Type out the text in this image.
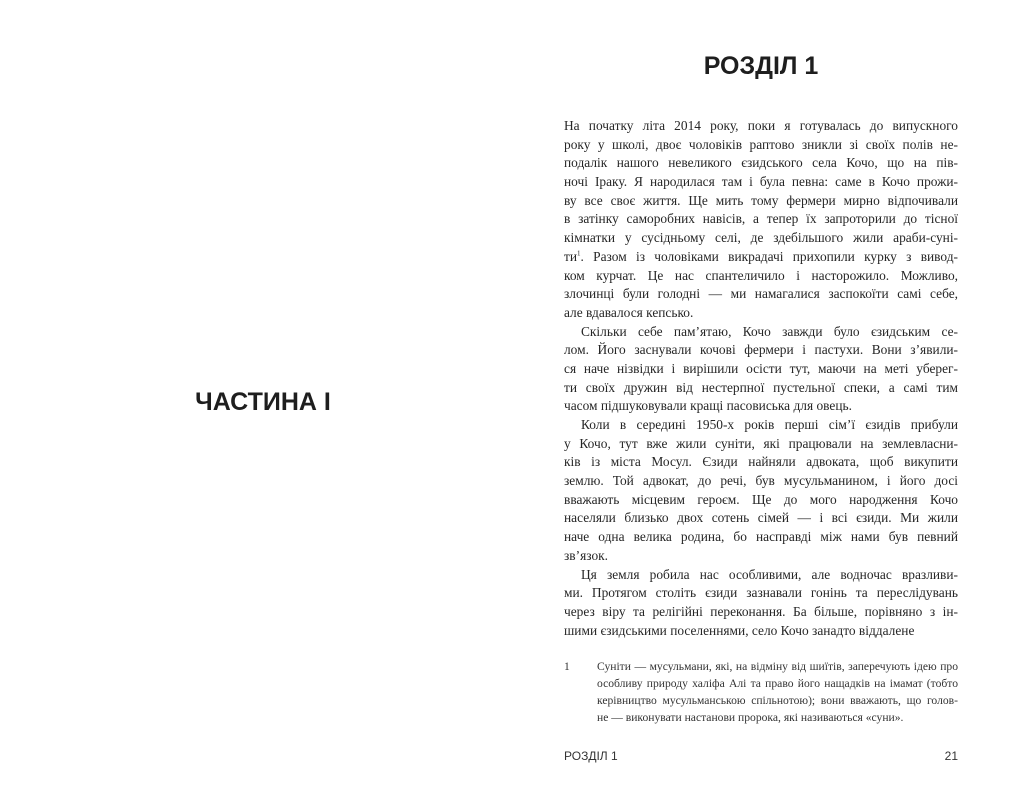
ЧАСТИНА І
РОЗДІЛ 1
На початку літа 2014 року, поки я готувалась до випускного
року у школі, двоє чоловіків раптово зникли зі своїх полів не-
подалік нашого невеликого єзидського села Кочо, що на пів-
ночі Іраку. Я народилася там і була певна: саме в Кочо прожи-
ву все своє життя. Ще мить тому фермери мирно відпочивали
в затінку саморобних навісів, а тепер їх запроторили до тісної
кімнатки у сусідньому селі, де здебільшого жили араби-суні-
$ти^1$. Разом із чоловіками викрадачі прихопили курку з вивод-
ком курчат. Це нас спантеличило і насторожило. Можливо,
злочинці були голодні — ми намагалися заспокоїти самі себе,
але вдавалося кепсько.
Скільки себе пам’ятаю, Кочо завжди було єзидським се-
лом. Його заснували кочові фермери і пастухи. Вони з’явили-
ся наче нізвідки і вирішили осісти тут, маючи на меті уберег-
ти своїх дружин від нестерпної пустельної спеки, а самі тим
часом підшуковували кращі пасовиська для овець.
Коли в середині 1950-х років перші сім’ї єзидів прибули
у Кочо, тут вже жили суніти, які працювали на землевласни-
ків із міста Мосул. Єзиди найняли адвоката, щоб викупити
землю. Той адвокат, до речі, був мусульманином, і його досі
вважають місцевим героєм. Ще до мого народження Кочо
населяли близько двох сотень сімей — і всі єзиди. Ми жили
наче одна велика родина, бо насправді між нами був певний
зв’язок.
Ця земля робила нас особливими, але водночас вразливи-
ми. Протягом століть єзиди зазнавали гонінь та переслідувань
через віру та релігійні переконання. Ба більше, порівняно з ін-
шими єзидськими поселеннями, село Кочо занадто віддалене
1 Суніти — мусульмани, які, на відміну від шиїтів, заперечують ідею про
особливу природу халіфа Алі та право його нащадків на імамат (тобто
керівництво мусульманською спільнотою); вони вважають, що голов-
не — виконувати настанови пророка, які називаються «суни».
РОЗДІЛ 1	21
